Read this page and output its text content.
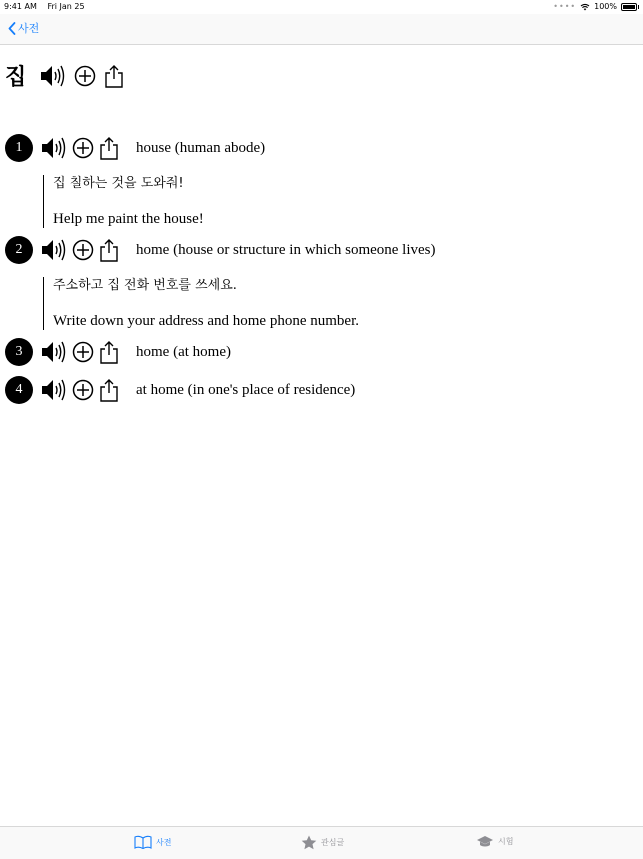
9:41 AM Fri Jan 25	•••• 100%
사전
집
1	house (human abode)
집 칠하는 것을 도와줘!
Help me paint the house!
2	home (house or structure in which someone lives)
주소하고 집 전화 번호를 쓰세요.
Write down your address and home phone number.
3	home (at home)
4	at home (in one's place of residence)
사전	관심글	시험
